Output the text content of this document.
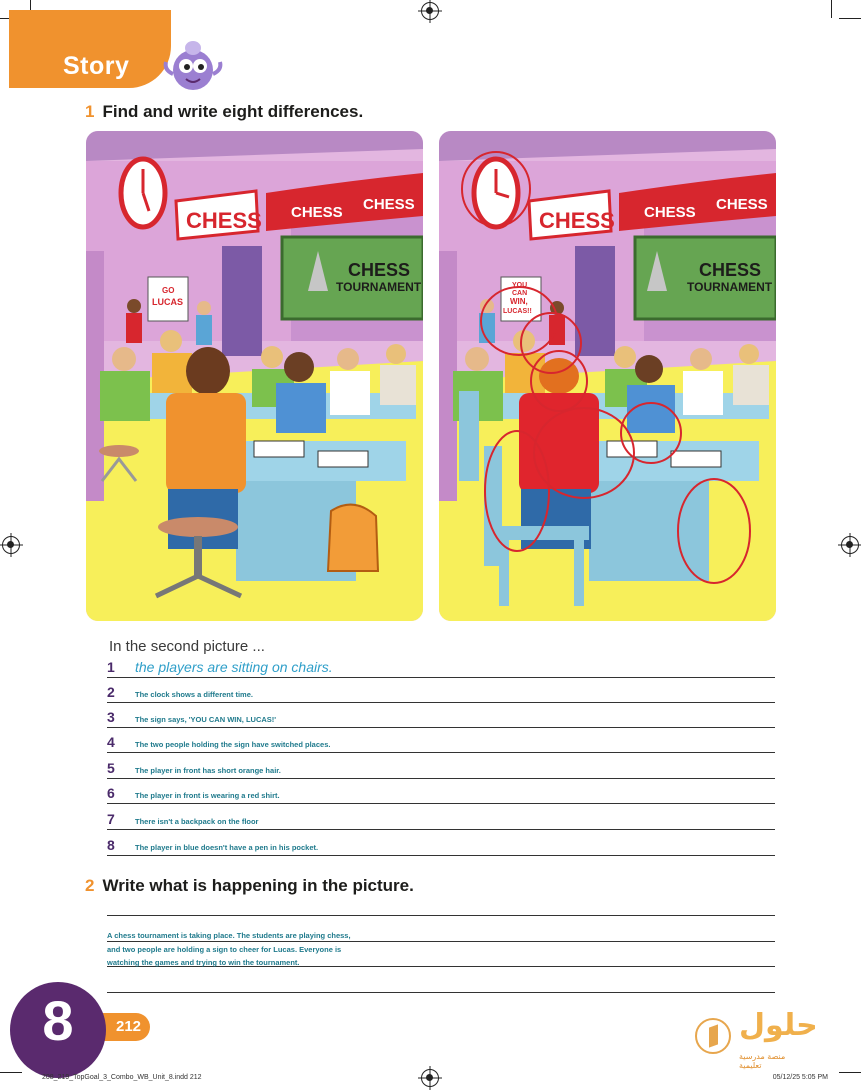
Story
1 Find and write eight differences.
CHESS CHESS CHESS
CHESS
TOURNAMENT
GO
LUCAS
CHESS CHESS CHESS
CHESS
TOURNAMENT
YOU
CAN
WIN,
LUCAS!!
In the second picture ...
1 the players are sitting on chairs.
2	The clock shows a different time.
3	The sign says, 'YOU CAN WIN, LUCAS!'
4	The two people holding the sign have switched places.
5	The player in front has short orange hair.
6	The player in front is wearing a red shirt.
7	There isn't a backpack on the floor
8	The player in blue doesn't have a pen in his pocket.
2 Write what is happening in the picture.
A chess tournament is taking place. The students are playing chess,
and two people are holding a sign to cheer for Lucas. Everyone is
watching the games and trying to win the tournament.
212
8
208_219_TopGoal_3_Combo_WB_Unit_8.indd 212	05/12/25 5:05 PM
حلول
منصة مدرسية تعليمية
